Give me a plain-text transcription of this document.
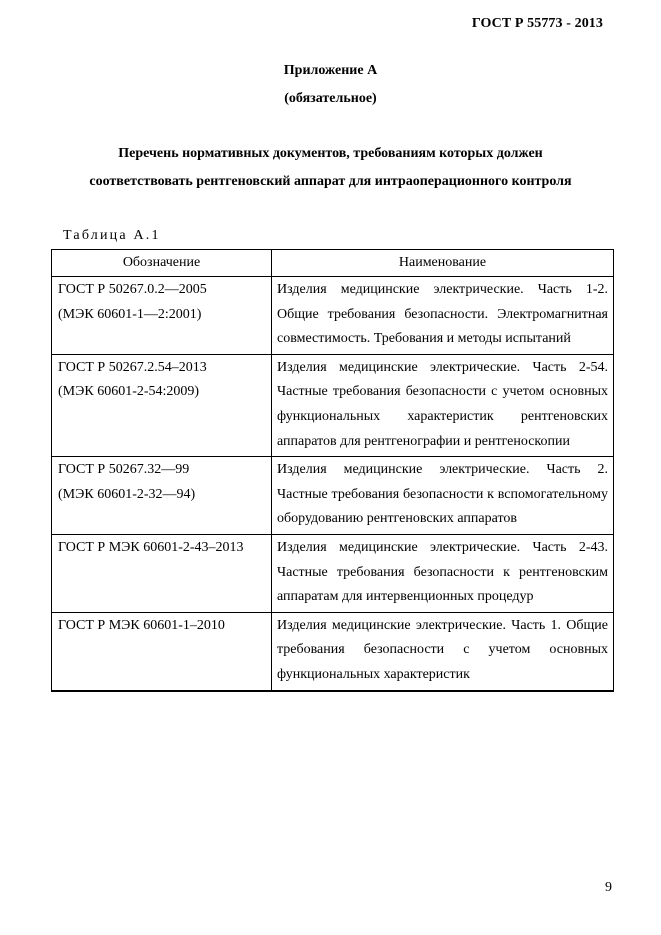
ГОСТ Р 55773 - 2013
Приложение А
(обязательное)
Перечень нормативных документов, требованиям которых должен
соответствовать рентгеновский аппарат для интраоперационного контроля
Таблица А.1
Обозначение	Наименование

ГОСТ Р 50267.0.2—2005
(МЭК 60601-1—2:2001)	Изделия медицинские электрические. Часть 1-2. Общие требования безопасности. Электромагнитная совместимость. Требования и методы испытаний

ГОСТ Р 50267.2.54–2013
(МЭК 60601-2-54:2009)	Изделия медицинские электрические. Часть 2-54. Частные требования безопасности с учетом основных функциональных характеристик рентгеновских аппаратов для рентгенографии и рентгеноскопии

ГОСТ Р 50267.32—99
(МЭК 60601-2-32—94)	Изделия медицинские электрические. Часть 2. Частные требования безопасности к вспомогательному оборудованию рентгеновских аппаратов

ГОСТ Р МЭК 60601-2-43–2013	Изделия медицинские электрические. Часть 2-43. Частные требования безопасности к рентгеновским аппаратам для интервенционных процедур

ГОСТ Р МЭК 60601-1–2010	Изделия медицинские электрические. Часть 1. Общие требования безопасности с учетом основных функциональных характеристик
9
